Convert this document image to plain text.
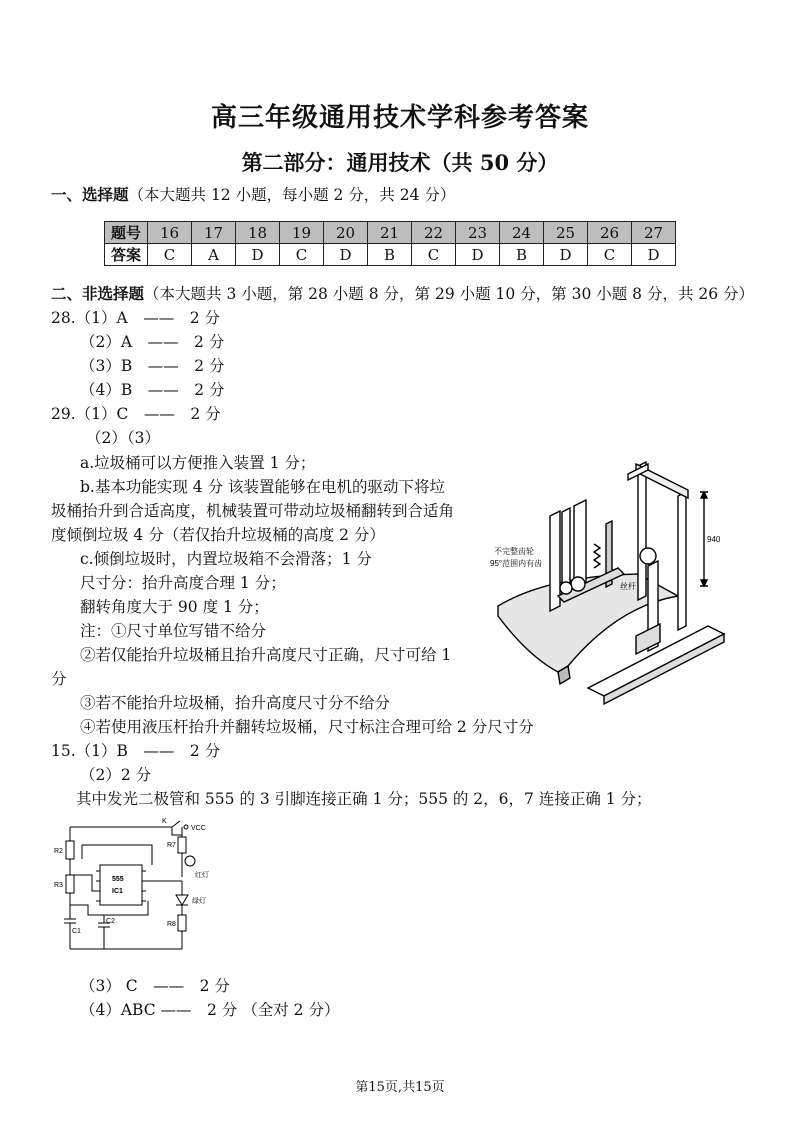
高三年级通用技术学科参考答案
第二部分：通用技术（共 50 分）
一、选择题（本大题共 12 小题，每小题 2 分，共 24 分）
题号	16	17	18	19	20	21	22	23	24	25	26	27
答案	C	A	D	C	D	B	C	D	B	D	C	D
二、非选择题（本大题共 3 小题，第 28 小题 8 分，第 29 小题 10 分，第 30 小题 8 分，共 26 分）
28.（1）A　——　2 分
（2）A　——　2 分
（3）B　——　2 分
（4）B　——　2 分
29.（1）C　——　2 分
（2）（3）
a.垃圾桶可以方便推入装置 1 分；
b.基本功能实现 4 分 该装置能够在电机的驱动下将垃
圾桶抬升到合适高度，机械装置可带动垃圾桶翻转到合适角
度倾倒垃圾 4 分（若仅抬升垃圾桶的高度 2 分）
c.倾倒垃圾时，内置垃圾箱不会滑落；1 分
尺寸分：抬升高度合理 1 分；
翻转角度大于 90 度 1 分；
注：①尺寸单位写错不给分
②若仅能抬升垃圾桶且抬升高度尺寸正确，尺寸可给 1
分
③若不能抬升垃圾桶，抬升高度尺寸分不给分
④若使用液压杆抬升并翻转垃圾桶，尺寸标注合理可给 2 分尺寸分
15.（1）B　——　2 分
（2）2 分
其中发光二极管和 555 的 3 引脚连接正确 1 分；555 的 2，6，7 连接正确 1 分；
940
不完整齿轮
95°范围内有齿
丝杆
K
VCC
R2
R3
R7
R8
C1
C2
555
IC1
红灯
绿灯
（3） C　——　2 分
（4）ABC ——　2 分 （全对 2 分）
第15页,共15页
